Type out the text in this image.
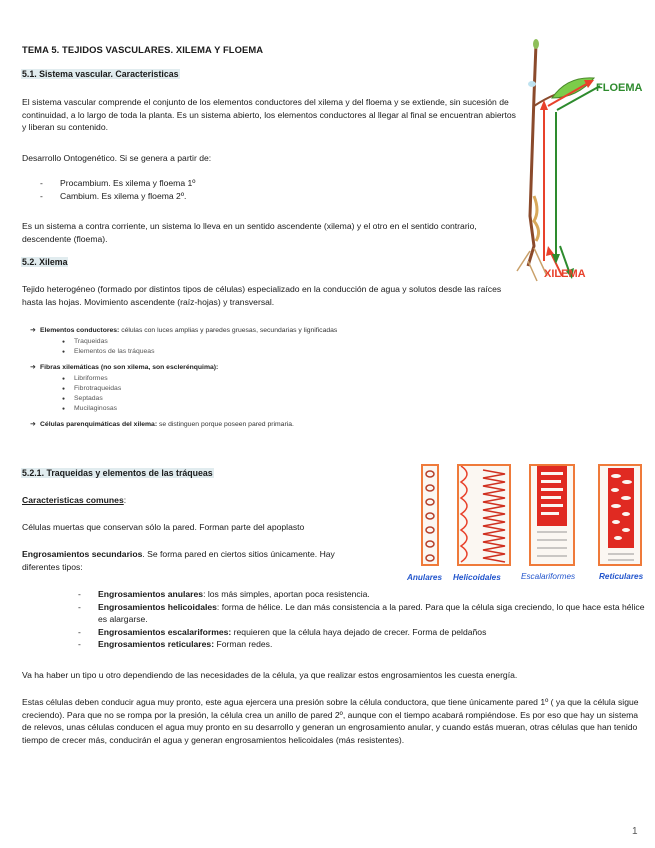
TEMA 5. TEJIDOS VASCULARES. XILEMA Y FLOEMA
5.1. Sistema vascular. Caracteristicas

El sistema vascular comprende el conjunto de los elementos conductores del xilema y del floema y se extiende, sin sucesión de continuidad, a lo largo de toda la planta. Es un sistema abierto, los elementos conductores al llegar al final se encuentran abiertos y liberan su contenido.

Desarrollo Ontogenético. Si se genera a partir de:

- Procambium. Es xilema y floema 1º
- Cambium. Es xilema y floema 2º.

Es un sistema a contra corriente, un sistema lo lleva en un sentido ascendente (xilema) y el otro en el sentido contrario, descendente (floema).

5.2. Xilema

Tejido heterogéneo (formado por distintos tipos de células) especializado en la conducción de agua y solutos desde las raíces hasta las hojas. Movimiento ascendente (raíz-hojas) y transversal.

➜ Elementos conductores: células con luces amplias y paredes gruesas, secundarias y lignificadas
● Traqueidas
● Elementos de las tráqueas
➜ Fibras xilemáticas (no son xilema, son esclerénquima):
● Libriformes
● Fibrotraqueidas
● Septadas
● Mucilaginosas
➜ Células parenquimáticas del xilema: se distinguen porque poseen pared primaria.
5.2.1. Traqueidas y elementos de las tráqueas
Caracteristicas comunes:

Células muertas que conservan sólo la pared. Forman parte del apoplasto

Engrosamientos secundarios. Se forma pared en ciertos sitios únicamente. Hay diferentes tipos:

- Engrosamientos anulares: los más simples, aportan poca resistencia.
- Engrosamientos helicoidales: forma de hélice. Le dan más consistencia a la pared. Para que la célula siga creciendo, lo que hace esta hélice es alargarse.
- Engrosamientos escalariformes: requieren que la célula haya dejado de crecer. Forma de peldaños
- Engrosamientos reticulares: Forman redes.

Va ha haber un tipo u otro dependiendo de las necesidades de la célula, ya que realizar estos engrosamientos les cuesta energía.

Estas células deben conducir agua muy pronto, este agua ejercera una presión sobre la célula conductora, que tiene únicamente pared 1º ( ya que la célula sigue creciendo). Para que no se rompa por la presión, la célula crea un anillo de pared 2º, aunque con el tiempo acabará rompiéndose. Es por eso que hay un sistema de relevos, unas células conducen el agua muy pronto en su desarrollo y generan un engrosamiento anular, y cuando estás mueran, otras células que han tenido tiempo de crecer más, conducirán el agua y generan engrosamientos helicoidales (más resistentes).

1
FLOEMA
XILEMA
Anulares Helicoidales Escalariformes	Reticulares
